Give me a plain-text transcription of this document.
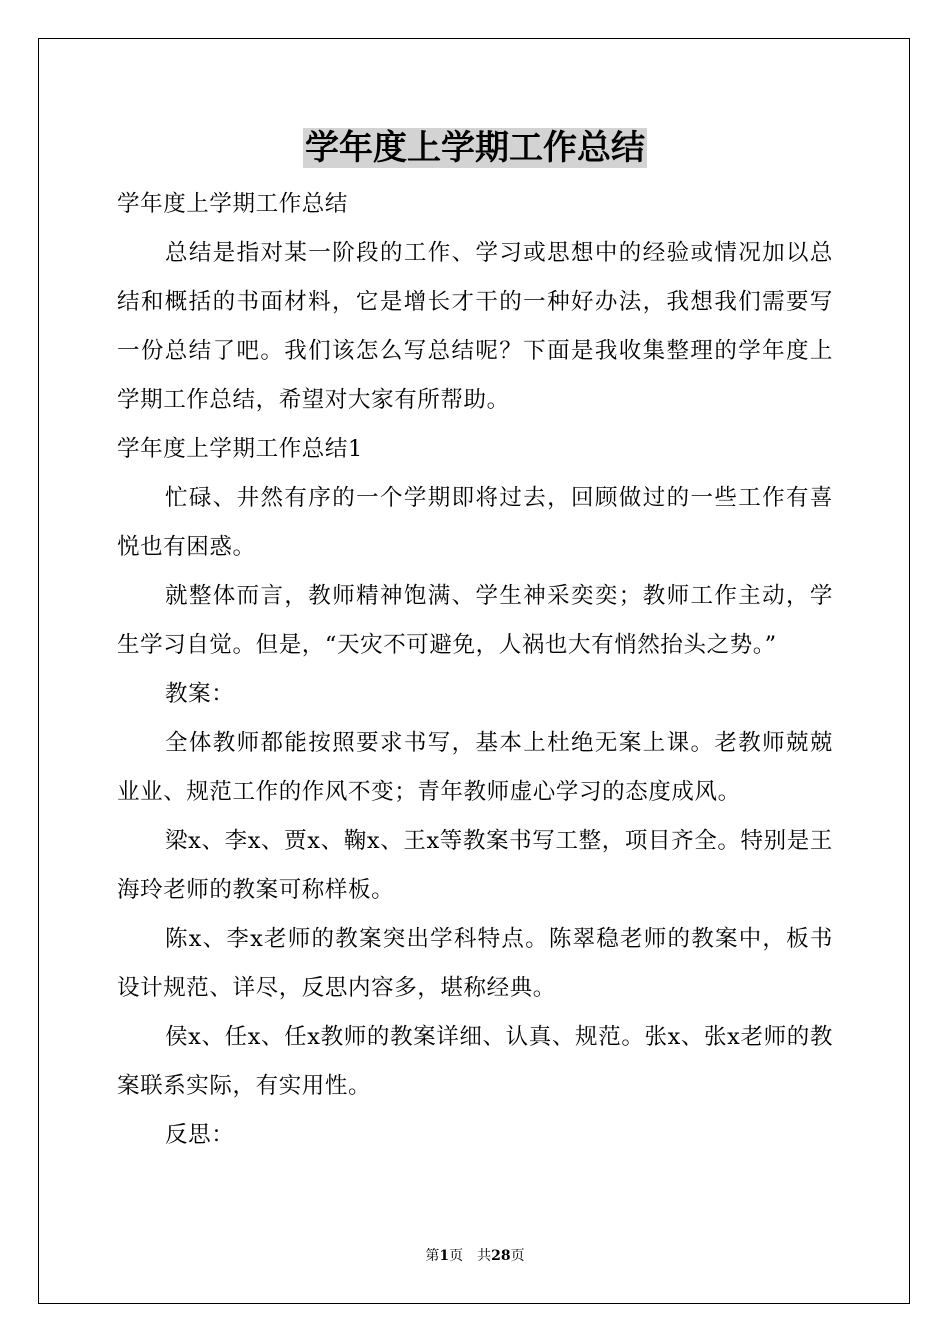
学年度上学期工作总结

学年度上学期工作总结

总结是指对某一阶段的工作、学习或思想中的经验或情况加以总结和概括的书面材料，它是增长才干的一种好办法，我想我们需要写一份总结了吧。我们该怎么写总结呢？下面是我收集整理的学年度上学期工作总结，希望对大家有所帮助。

学年度上学期工作总结1

忙碌、井然有序的一个学期即将过去，回顾做过的一些工作有喜悦也有困惑。

就整体而言，教师精神饱满、学生神采奕奕；教师工作主动，学生学习自觉。但是，“天灾不可避免，人祸也大有悄然抬头之势。”

教案：

全体教师都能按照要求书写，基本上杜绝无案上课。老教师兢兢业业、规范工作的作风不变；青年教师虚心学习的态度成风。

梁x、李x、贾x、鞠x、王x等教案书写工整，项目齐全。特别是王海玲老师的教案可称样板。

陈x、李x老师的教案突出学科特点。陈翠稳老师的教案中，板书设计规范、详尽，反思内容多，堪称经典。

侯x、任x、任x教师的教案详细、认真、规范。张x、张x老师的教案联系实际，有实用性。

反思：

第1页　共28页
